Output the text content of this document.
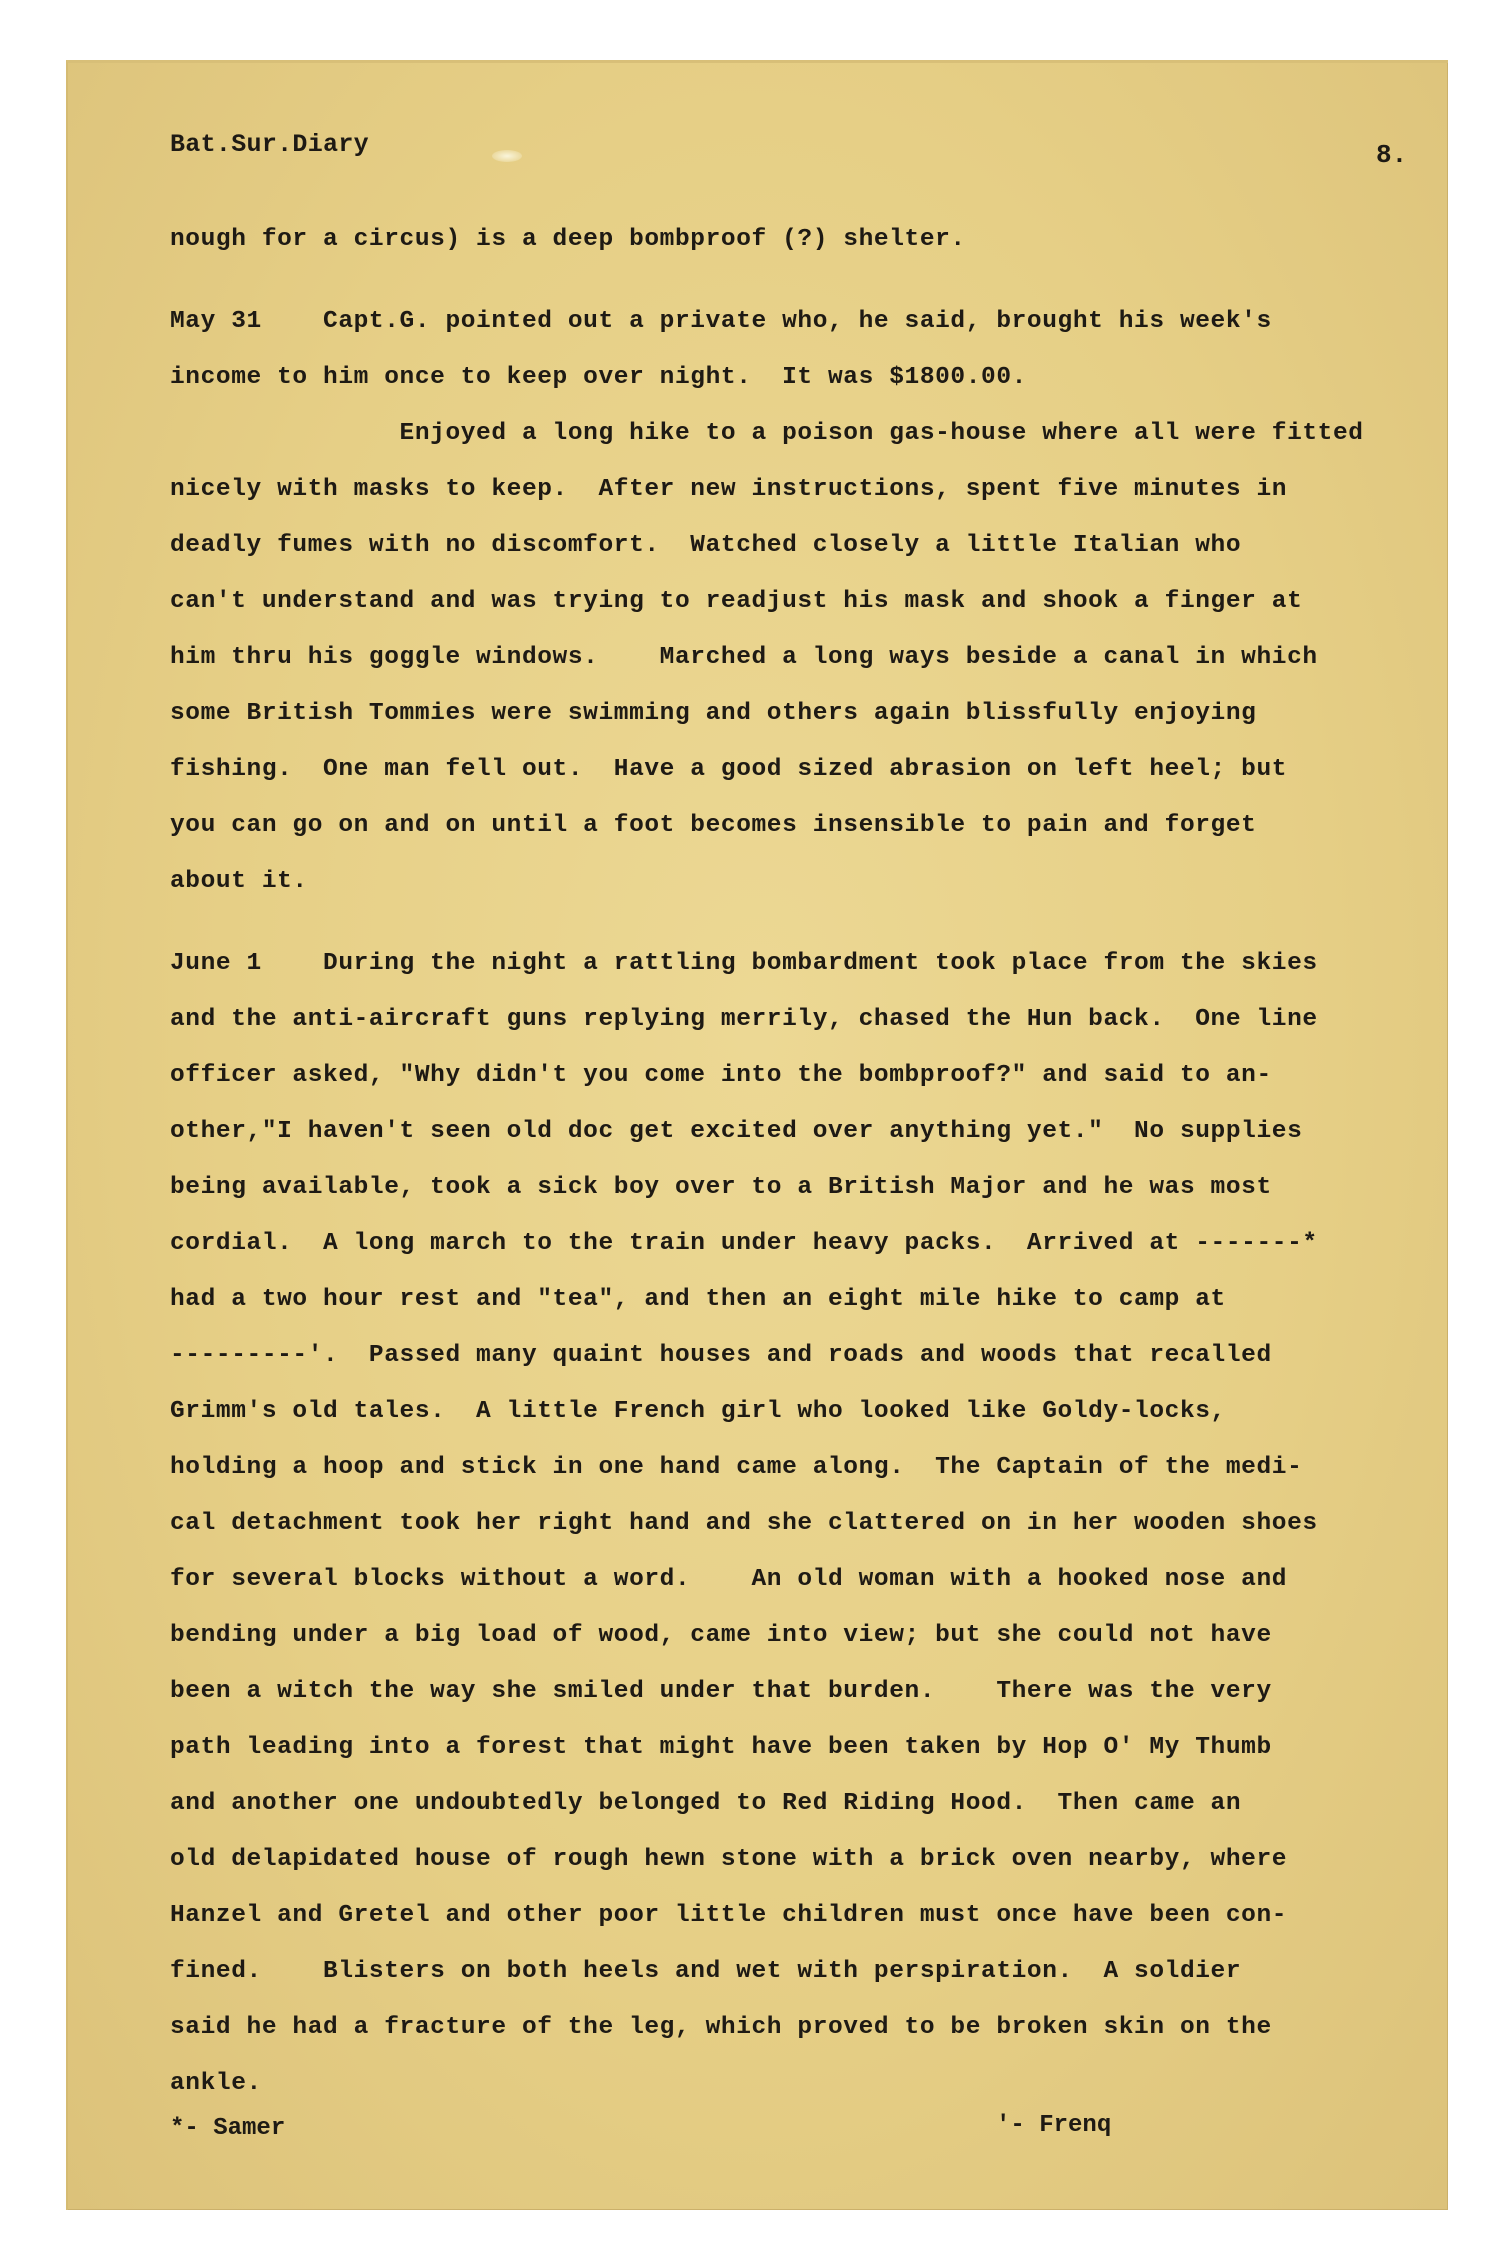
Bat.Sur.Diary	8.
nough for a circus) is a deep bombproof (?) shelter.
May 31    Capt.G. pointed out a private who, he said, brought his week's
income to him once to keep over night.  It was $1800.00.
Enjoyed a long hike to a poison gas-house where all were fitted
nicely with masks to keep.  After new instructions, spent five minutes in
deadly fumes with no discomfort.  Watched closely a little Italian who
can't understand and was trying to readjust his mask and shook a finger at
him thru his goggle windows.    Marched a long ways beside a canal in which
some British Tommies were swimming and others again blissfully enjoying
fishing.  One man fell out.  Have a good sized abrasion on left heel; but
you can go on and on until a foot becomes insensible to pain and forget
about it.
June 1    During the night a rattling bombardment took place from the skies
and the anti-aircraft guns replying merrily, chased the Hun back.  One line
officer asked, "Why didn't you come into the bombproof?" and said to an-
other,"I haven't seen old doc get excited over anything yet."  No supplies
being available, took a sick boy over to a British Major and he was most
cordial.  A long march to the train under heavy packs.  Arrived at -------*
had a two hour rest and "tea", and then an eight mile hike to camp at
---------'.  Passed many quaint houses and roads and woods that recalled
Grimm's old tales.  A little French girl who looked like Goldy-locks,
holding a hoop and stick in one hand came along.  The Captain of the medi-
cal detachment took her right hand and she clattered on in her wooden shoes
for several blocks without a word.    An old woman with a hooked nose and
bending under a big load of wood, came into view; but she could not have
been a witch the way she smiled under that burden.    There was the very
path leading into a forest that might have been taken by Hop O' My Thumb
and another one undoubtedly belonged to Red Riding Hood.  Then came an
old delapidated house of rough hewn stone with a brick oven nearby, where
Hanzel and Gretel and other poor little children must once have been con-
fined.    Blisters on both heels and wet with perspiration.  A soldier
said he had a fracture of the leg, which proved to be broken skin on the
ankle.
*- Samer	'- Frenq
